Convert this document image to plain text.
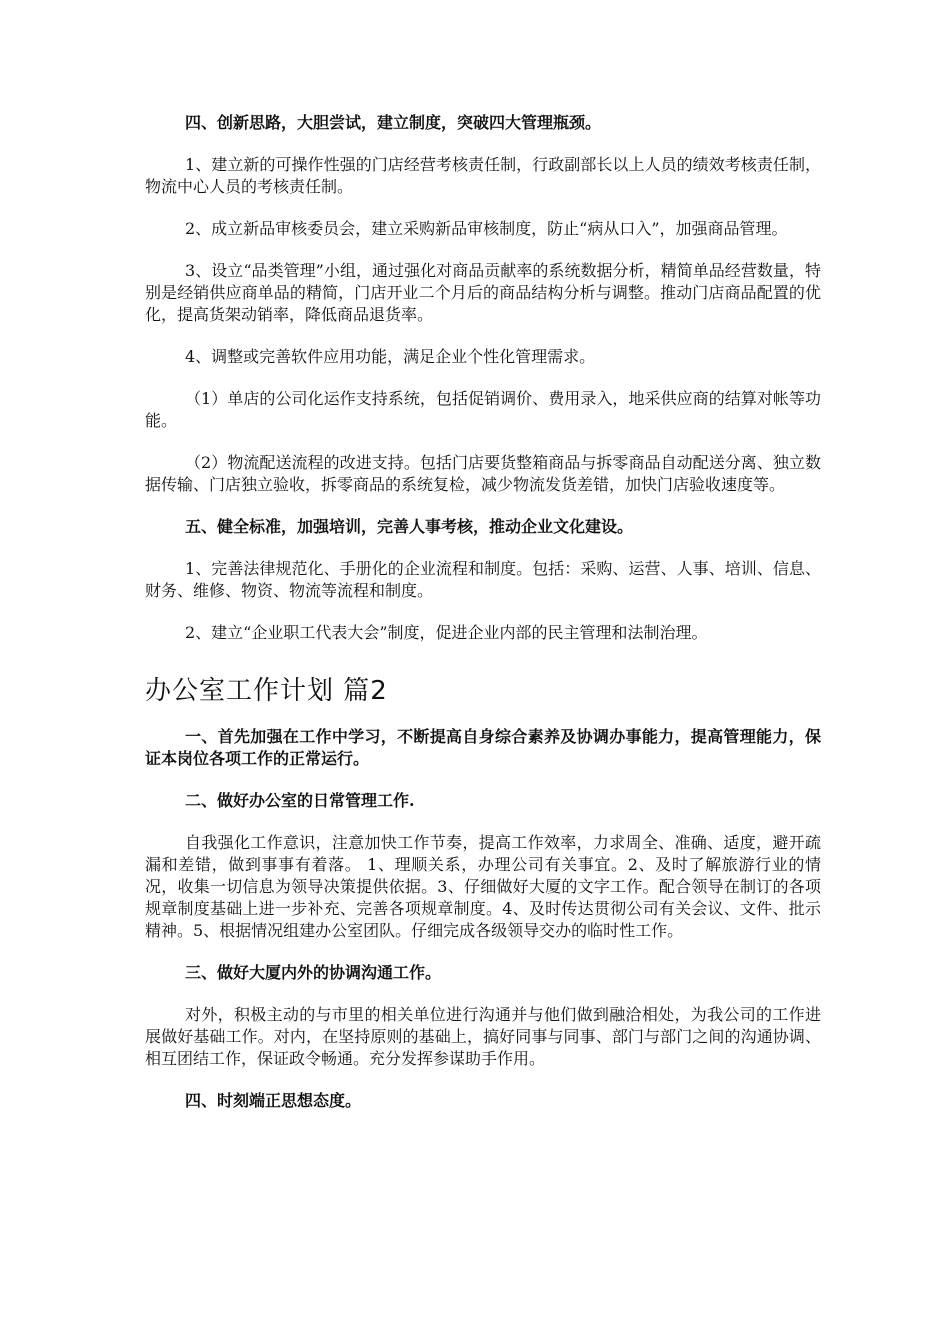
四、创新思路，大胆尝试，建立制度，突破四大管理瓶颈。

1、建立新的可操作性强的门店经营考核责任制，行政副部长以上人员的绩效考核责任制，物流中心人员的考核责任制。

2、成立新品审核委员会，建立采购新品审核制度，防止“病从口入”，加强商品管理。

3、设立“品类管理”小组，通过强化对商品贡献率的系统数据分析，精简单品经营数量，特别是经销供应商单品的精简，门店开业二个月后的商品结构分析与调整。推动门店商品配置的优化，提高货架动销率，降低商品退货率。

4、调整或完善软件应用功能，满足企业个性化管理需求。

（1）单店的公司化运作支持系统，包括促销调价、费用录入，地采供应商的结算对帐等功能。

（2）物流配送流程的改进支持。包括门店要货整箱商品与拆零商品自动配送分离、独立数据传输、门店独立验收，拆零商品的系统复检，减少物流发货差错，加快门店验收速度等。

五、健全标准，加强培训，完善人事考核，推动企业文化建设。

1、完善法律规范化、手册化的企业流程和制度。包括：采购、运营、人事、培训、信息、财务、维修、物资、物流等流程和制度。

2、建立“企业职工代表大会”制度，促进企业内部的民主管理和法制治理。

办公室工作计划 篇2

一、首先加强在工作中学习，不断提高自身综合素养及协调办事能力，提高管理能力，保证本岗位各项工作的正常运行。

二、做好办公室的日常管理工作.

自我强化工作意识，注意加快工作节奏，提高工作效率，力求周全、准确、适度，避开疏漏和差错，做到事事有着落。 1、理顺关系，办理公司有关事宜。2、及时了解旅游行业的情况，收集一切信息为领导决策提供依据。3、仔细做好大厦的文字工作。配合领导在制订的各项规章制度基础上进一步补充、完善各项规章制度。4、及时传达贯彻公司有关会议、文件、批示精神。5、根据情况组建办公室团队。仔细完成各级领导交办的临时性工作。

三、做好大厦内外的协调沟通工作。

对外，积极主动的与市里的相关单位进行沟通并与他们做到融洽相处，为我公司的工作进展做好基础工作。对内，在坚持原则的基础上，搞好同事与同事、部门与部门之间的沟通协调、相互团结工作，保证政令畅通。充分发挥参谋助手作用。

四、时刻端正思想态度。
